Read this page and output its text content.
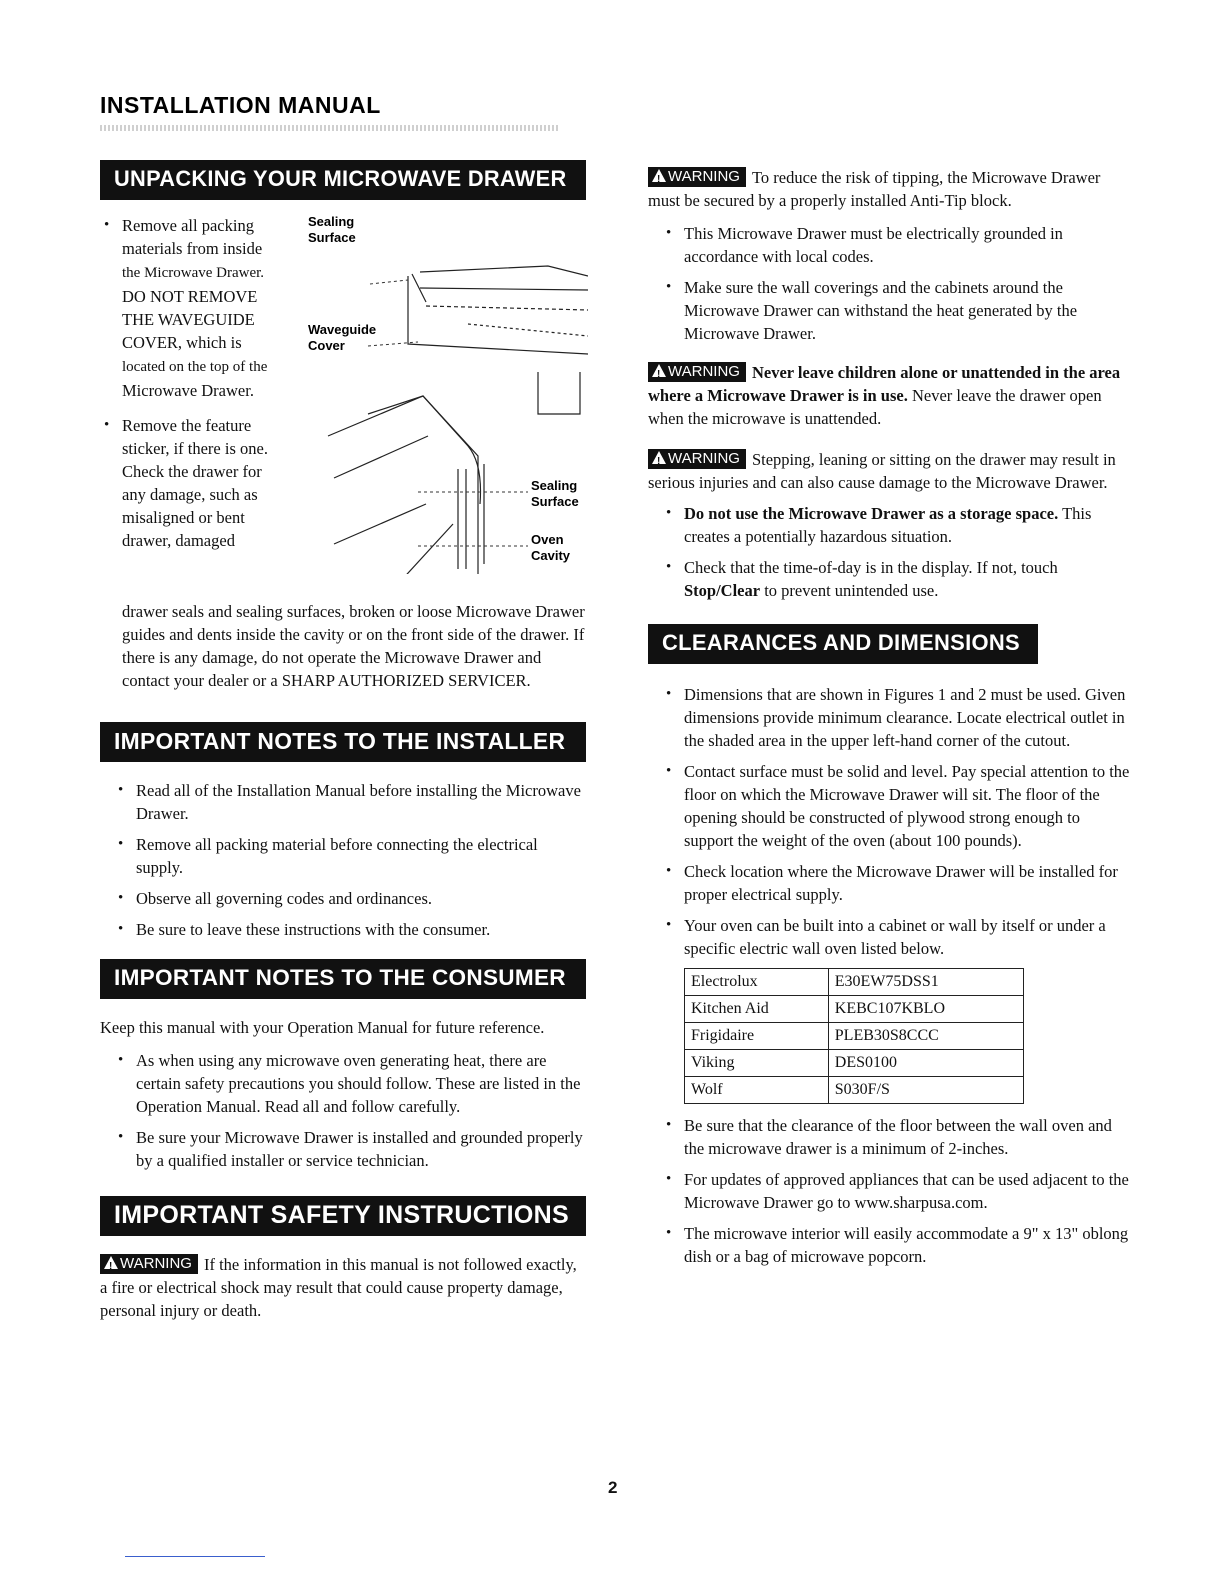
INSTALLATION MANUAL
UNPACKING YOUR MICROWAVE DRAWER
• Remove all packing
materials from inside
the Microwave Drawer.
DO NOT REMOVE
THE WAVEGUIDE
COVER, which is
located on the top of the
Microwave Drawer.
• Remove the feature
sticker, if there is one.
Check the drawer for
any damage, such as
misaligned or bent
drawer, damaged
Sealing
Surface
Waveguide
Cover
Sealing
Surface
Oven
Cavity

drawer seals and sealing surfaces, broken or loose Microwave Drawer guides and dents inside the cavity or on the front side of the drawer. If there is any damage, do not operate the Microwave Drawer and contact your dealer or a SHARP AUTHORIZED SERVICER.

IMPORTANT NOTES TO THE INSTALLER
• Read all of the Installation Manual before installing the Microwave Drawer.
• Remove all packing material before connecting the electrical supply.
• Observe all governing codes and ordinances.
• Be sure to leave these instructions with the consumer.
IMPORTANT NOTES TO THE CONSUMER

Keep this manual with your Operation Manual for future reference.

• As when using any microwave oven generating heat, there are certain safety precautions you should follow. These are listed in the Operation Manual. Read all and follow carefully.
• Be sure your Microwave Drawer is installed and grounded properly by a qualified installer or service technician.
IMPORTANT SAFETY INSTRUCTIONS

!WARNING If the information in this manual is not followed exactly, a fire or electrical shock may result that could cause property damage, personal injury or death.

!WARNING To reduce the risk of tipping, the Microwave Drawer must be secured by a properly installed Anti-Tip block.

• This Microwave Drawer must be electrically grounded in accordance with local codes.
• Make sure the wall coverings and the cabinets around the Microwave Drawer can withstand the heat generated by the Microwave Drawer.

!WARNING Never leave children alone or unattended in the area where a Microwave Drawer is in use. Never leave the drawer open when the microwave is unattended.

!WARNING Stepping, leaning or sitting on the drawer may result in serious injuries and can also cause damage to the Microwave Drawer.

• Do not use the Microwave Drawer as a storage space. This creates a potentially hazardous situation.
• Check that the time-of-day is in the display. If not, touch Stop/Clear to prevent unintended use.
CLEARANCES AND DIMENSIONS
• Dimensions that are shown in Figures 1 and 2 must be used. Given dimensions provide minimum clearance. Locate electrical outlet in the shaded area in the upper left-hand corner of the cutout.
• Contact surface must be solid and level. Pay special attention to the floor on which the Microwave Drawer will sit. The floor of the opening should be constructed of plywood strong enough to support the weight of the oven (about 100 pounds).
• Check location where the Microwave Drawer will be installed for proper electrical supply.
• Your oven can be built into a cabinet or wall by itself or under a specific electric wall oven listed below.
Electrolux	E30EW75DSS1
Kitchen Aid	KEBC107KBLO
Frigidaire	PLEB30S8CCC
Viking	DES0100
Wolf	S030F/S
• Be sure that the clearance of the floor between the wall oven and the microwave drawer is a minimum of 2-inches.
• For updates of approved appliances that can be used adjacent to the Microwave Drawer go to www.sharpusa.com.
• The microwave interior will easily accommodate a 9" x 13" oblong dish or a bag of microwave popcorn.
2
